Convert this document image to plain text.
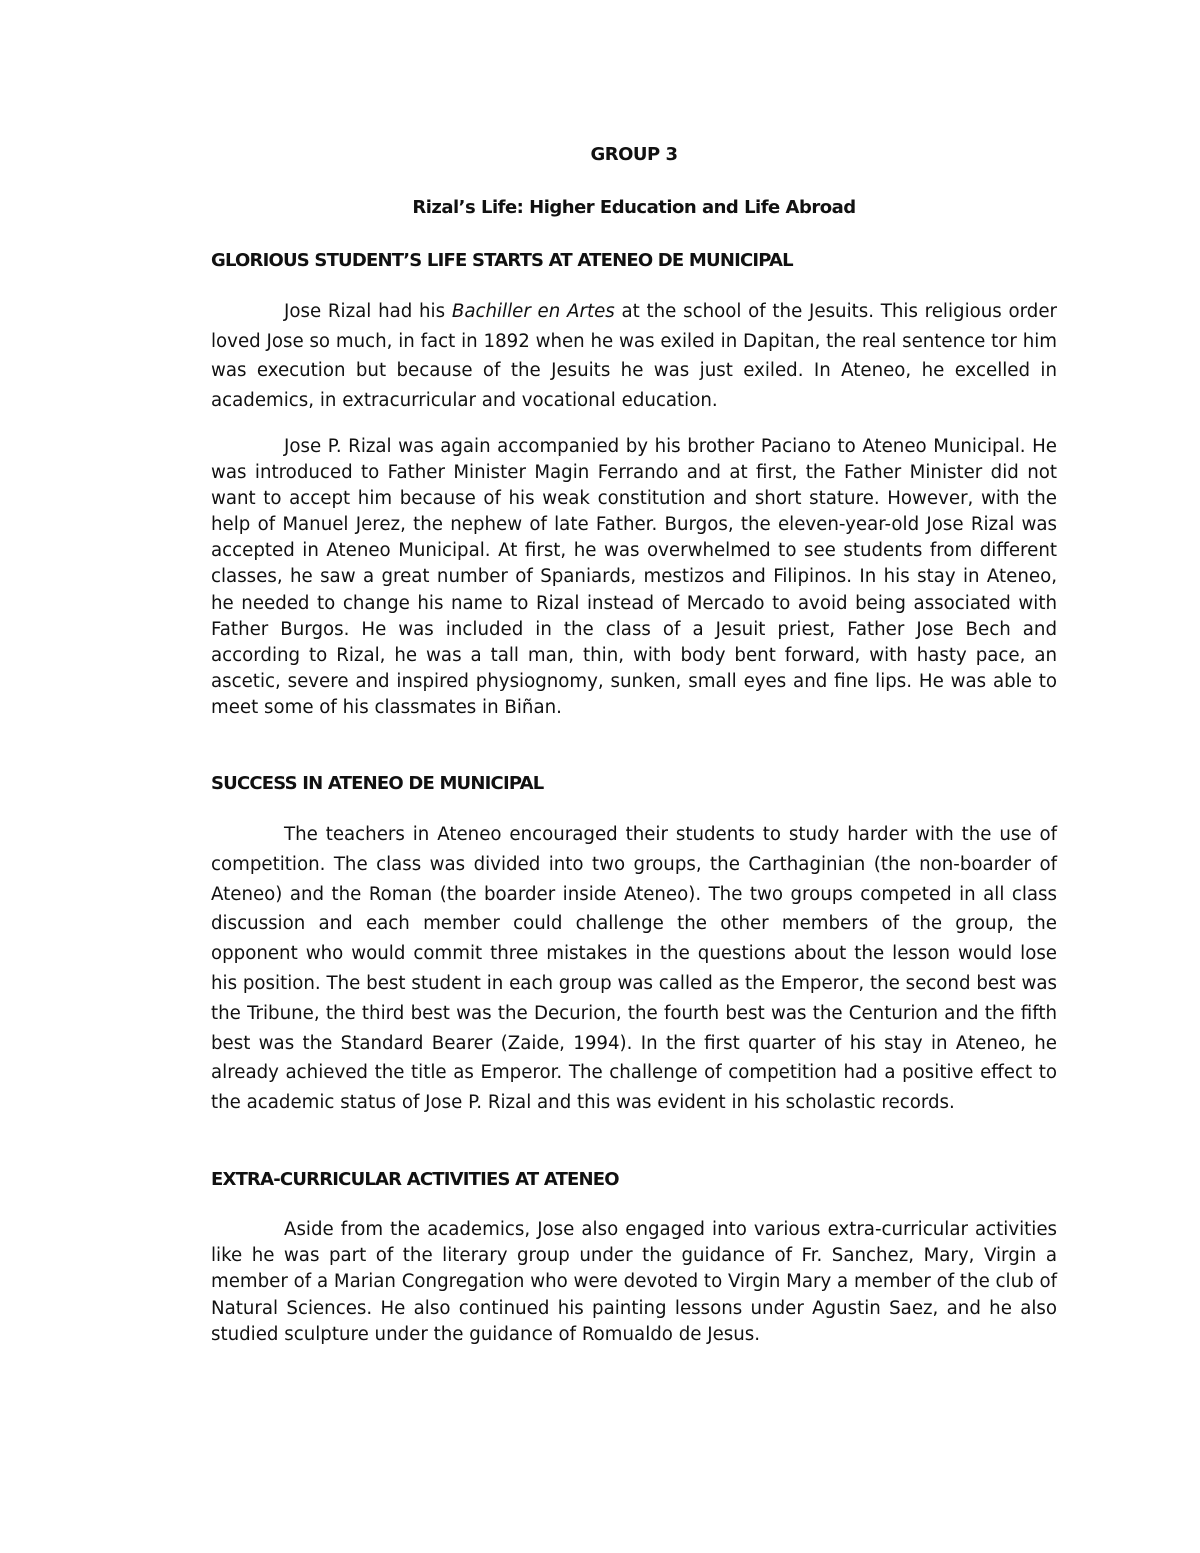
GROUP 3
Rizal’s Life: Higher Education and Life Abroad
GLORIOUS STUDENT’S LIFE STARTS AT ATENEO DE MUNICIPAL

Jose Rizal had his Bachiller en Artes at the school of the Jesuits. This religious order loved Jose so much, in fact in 1892 when he was exiled in Dapitan, the real sentence tor him was execution but because of the Jesuits he was just exiled. In Ateneo, he excelled in academics, in extracurricular and vocational education.

Jose P. Rizal was again accompanied by his brother Paciano to Ateneo Municipal. He was introduced to Father Minister Magin Ferrando and at first, the Father Minister did not want to accept him because of his weak constitution and short stature. However, with the help of Manuel Jerez, the nephew of late Father. Burgos, the eleven-year-old Jose Rizal was accepted in Ateneo Municipal. At first, he was overwhelmed to see students from different classes, he saw a great number of Spaniards, mestizos and Filipinos. In his stay in Ateneo, he needed to change his name to Rizal instead of Mercado to avoid being associated with Father Burgos. He was included in the class of a Jesuit priest, Father Jose Bech and according to Rizal, he was a tall man, thin, with body bent forward, with hasty pace, an ascetic, severe and inspired physiognomy, sunken, small eyes and fine lips. He was able to meet some of his classmates in Biñan.

SUCCESS IN ATENEO DE MUNICIPAL

The teachers in Ateneo encouraged their students to study harder with the use of competition. The class was divided into two groups, the Carthaginian (the non-boarder of Ateneo) and the Roman (the boarder inside Ateneo). The two groups competed in all class discussion and each member could challenge the other members of the group, the opponent who would commit three mistakes in the questions about the lesson would lose his position. The best student in each group was called as the Emperor, the second best was the Tribune, the third best was the Decurion, the fourth best was the Centurion and the fifth best was the Standard Bearer (Zaide, 1994). In the first quarter of his stay in Ateneo, he already achieved the title as Emperor. The challenge of competition had a positive effect to the academic status of Jose P. Rizal and this was evident in his scholastic records.

EXTRA-CURRICULAR ACTIVITIES AT ATENEO

Aside from the academics, Jose also engaged into various extra-curricular activities like he was part of the literary group under the guidance of Fr. Sanchez, Mary, Virgin a member of a Marian Congregation who were devoted to Virgin Mary a member of the club of Natural Sciences. He also continued his painting lessons under Agustin Saez, and he also studied sculpture under the guidance of Romualdo de Jesus.
